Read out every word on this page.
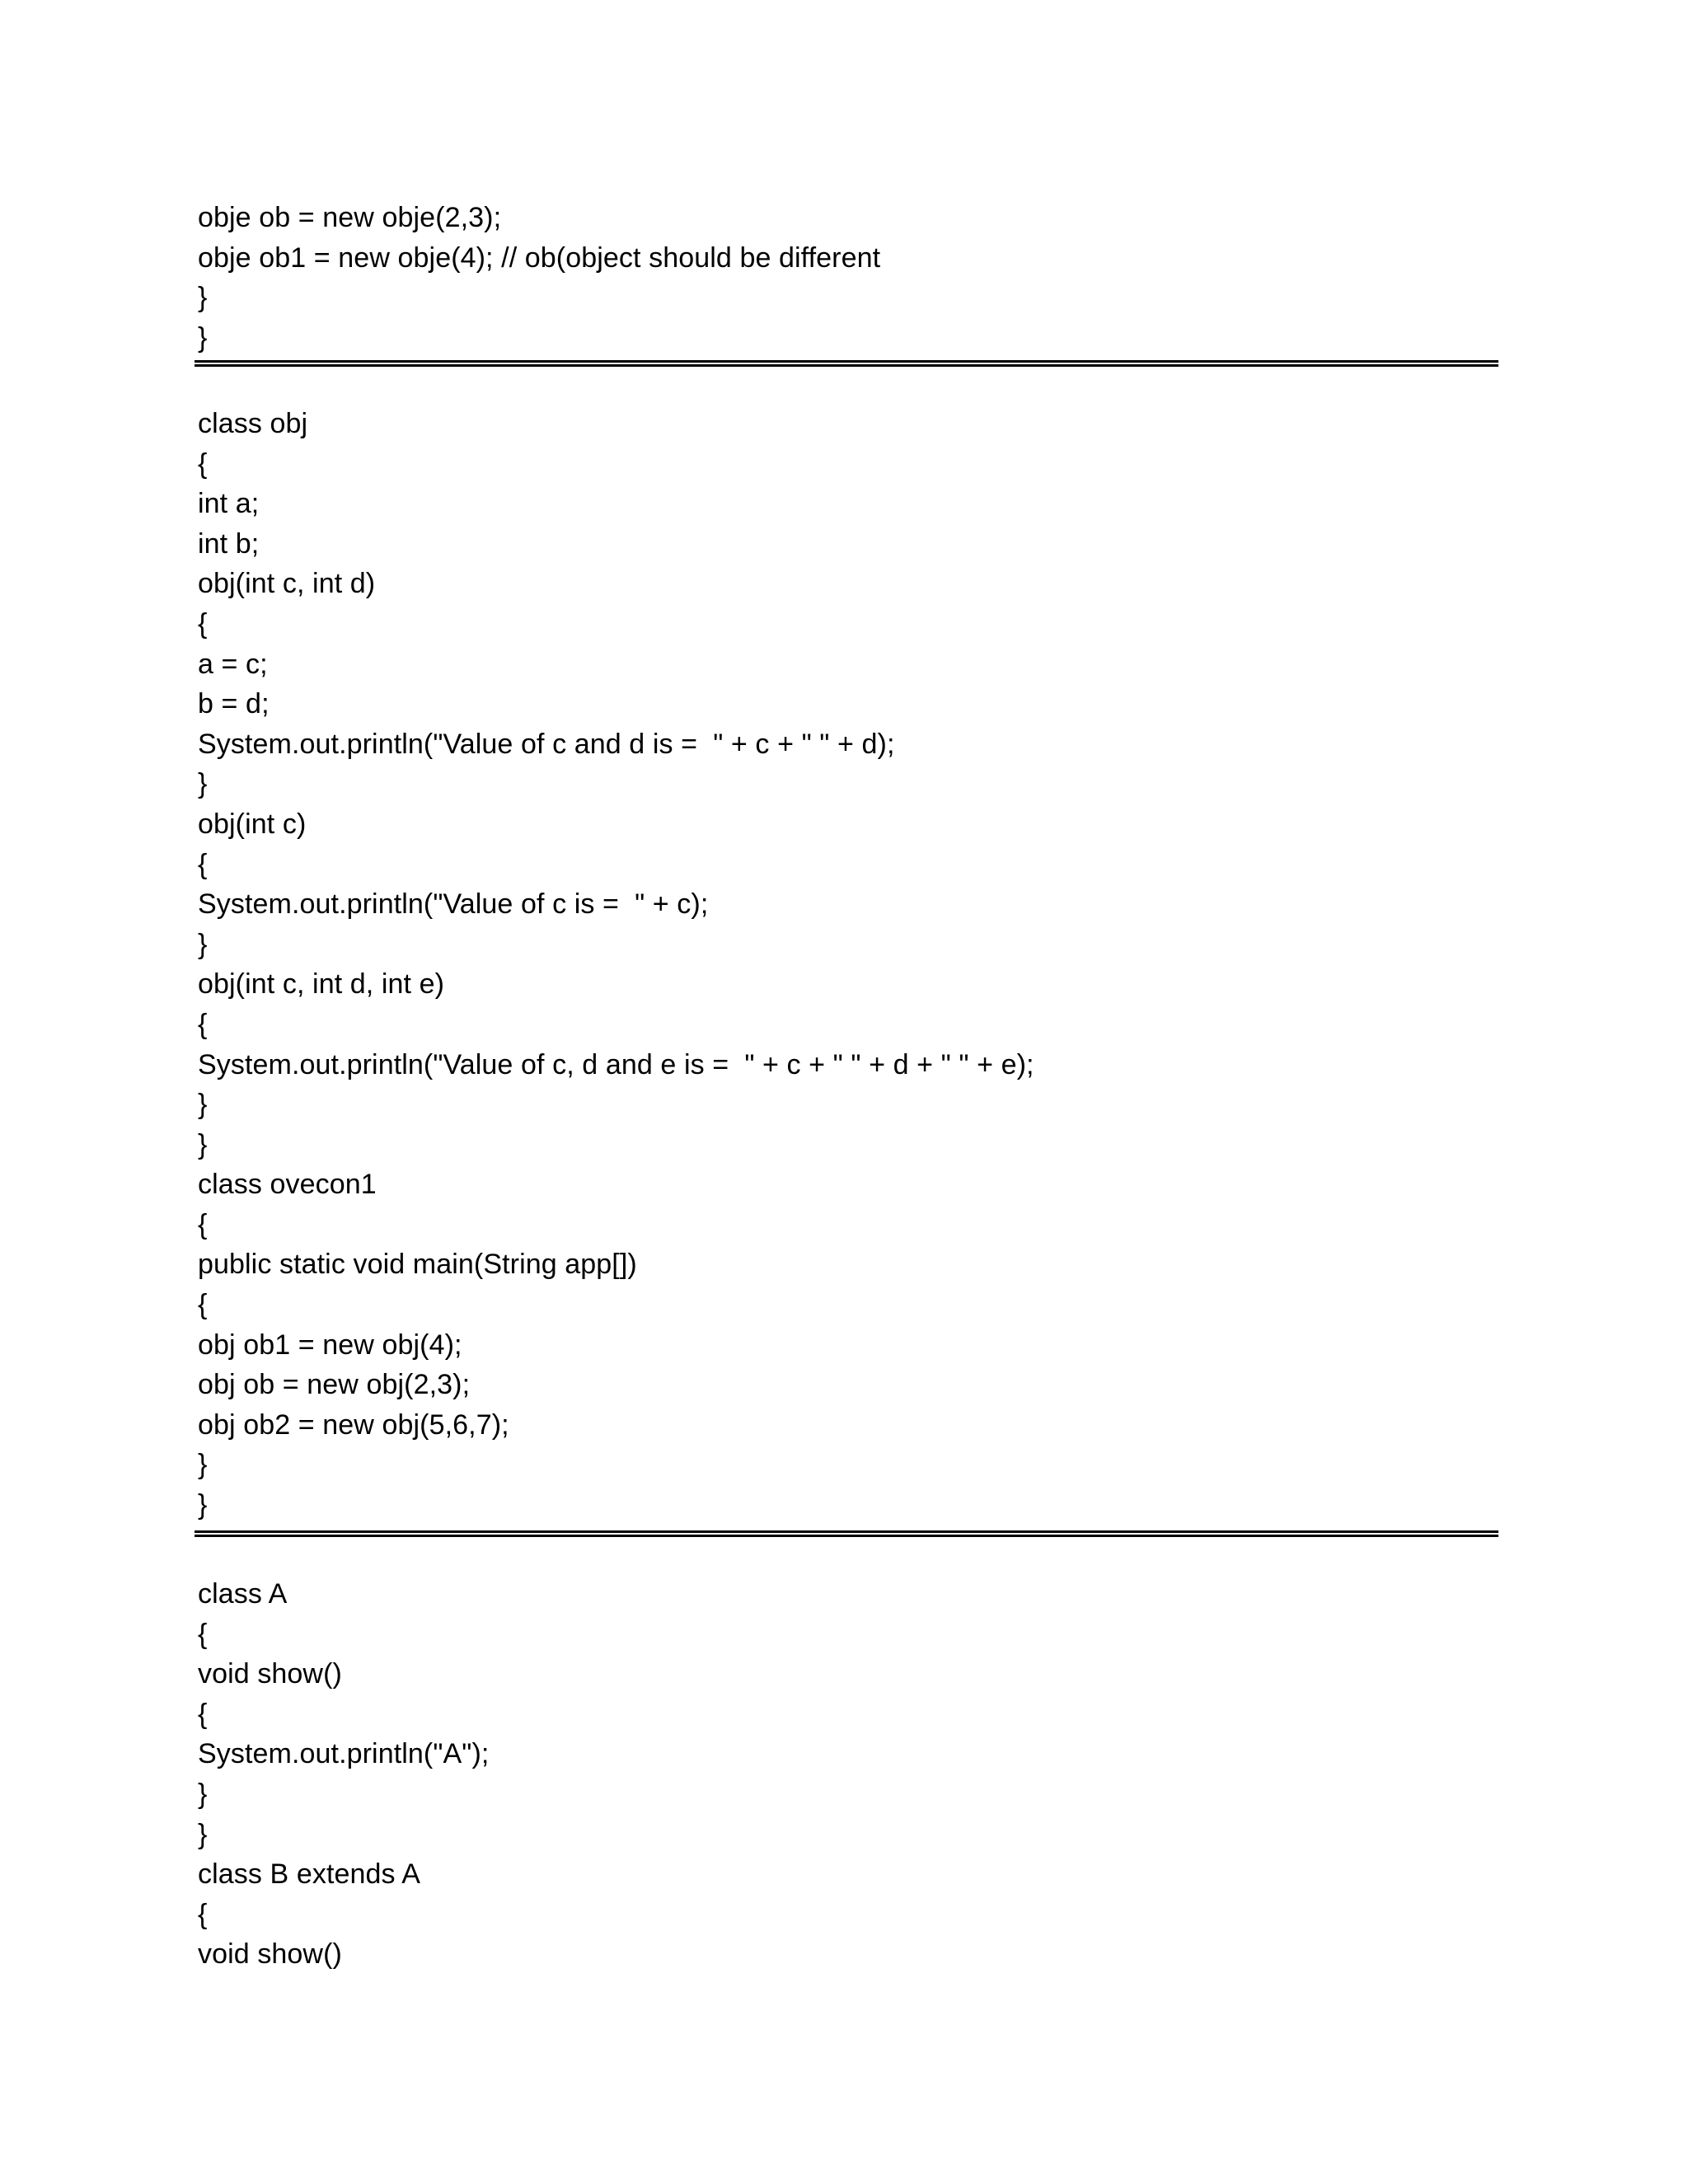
obje ob = new obje(2,3);
obje ob1 = new obje(4); // ob(object should be different
}
}
class obj
{
int a;
int b;
obj(int c, int d)
{
a = c;
b = d;
System.out.println("Value of c and d is =  " + c + " " + d);
}
obj(int c)
{
System.out.println("Value of c is =  " + c);
}
obj(int c, int d, int e)
{
System.out.println("Value of c, d and e is =  " + c + " " + d + " " + e);
}
}
class ovecon1
{
public static void main(String app[])
{
obj ob1 = new obj(4);
obj ob = new obj(2,3);
obj ob2 = new obj(5,6,7);
}
}
class A
{
void show()
{
System.out.println("A");
}
}
class B extends A
{
void show()
